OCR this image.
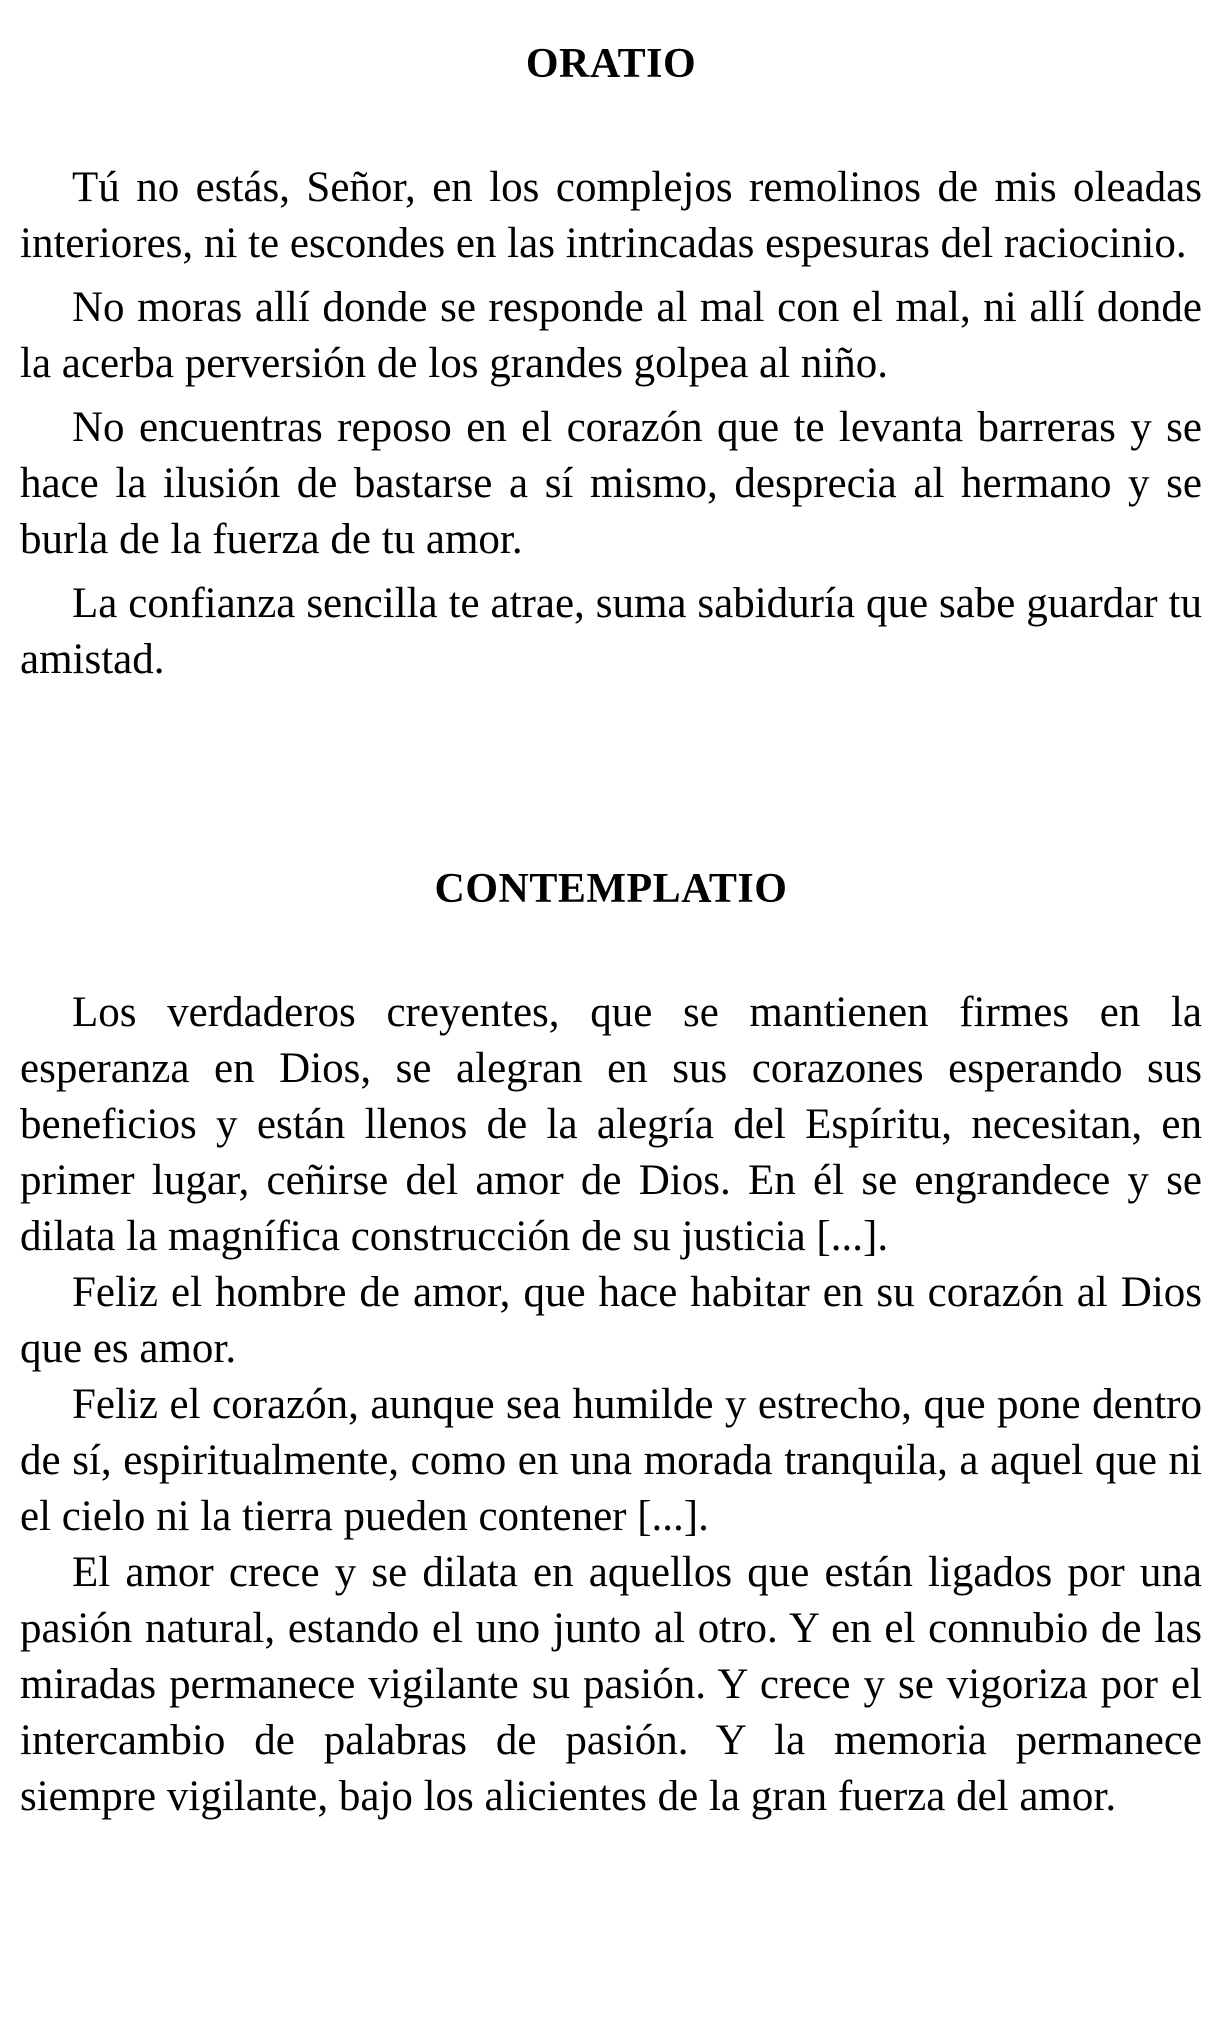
ORATIO

Tú no estás, Señor, en los complejos remolinos de mis oleadas interiores, ni te escondes en las intrincadas espesuras del raciocinio.

No moras allí donde se responde al mal con el mal, ni allí donde la acerba perversión de los grandes golpea al niño.

No encuentras reposo en el corazón que te levanta barreras y se hace la ilusión de bastarse a sí mismo, desprecia al hermano y se burla de la fuerza de tu amor.

La confianza sencilla te atrae, suma sabiduría que sabe guardar tu amistad.

CONTEMPLATIO

Los verdaderos creyentes, que se mantienen firmes en la esperanza en Dios, se alegran en sus corazones esperando sus beneficios y están llenos de la alegría del Espíritu, necesitan, en primer lugar, ceñirse del amor de Dios. En él se engrandece y se dilata la magnífica construcción de su justicia [...].

Feliz el hombre de amor, que hace habitar en su corazón al Dios que es amor.

Feliz el corazón, aunque sea humilde y estrecho, que pone dentro de sí, espiritualmente, como en una morada tranquila, a aquel que ni el cielo ni la tierra pueden contener [...].

El amor crece y se dilata en aquellos que están ligados por una pasión natural, estando el uno junto al otro. Y en el connubio de las miradas permanece vigilante su pasión. Y crece y se vigoriza por el intercambio de palabras de pasión. Y la memoria permanece siempre vigilante, bajo los alicientes de la gran fuerza del amor.
